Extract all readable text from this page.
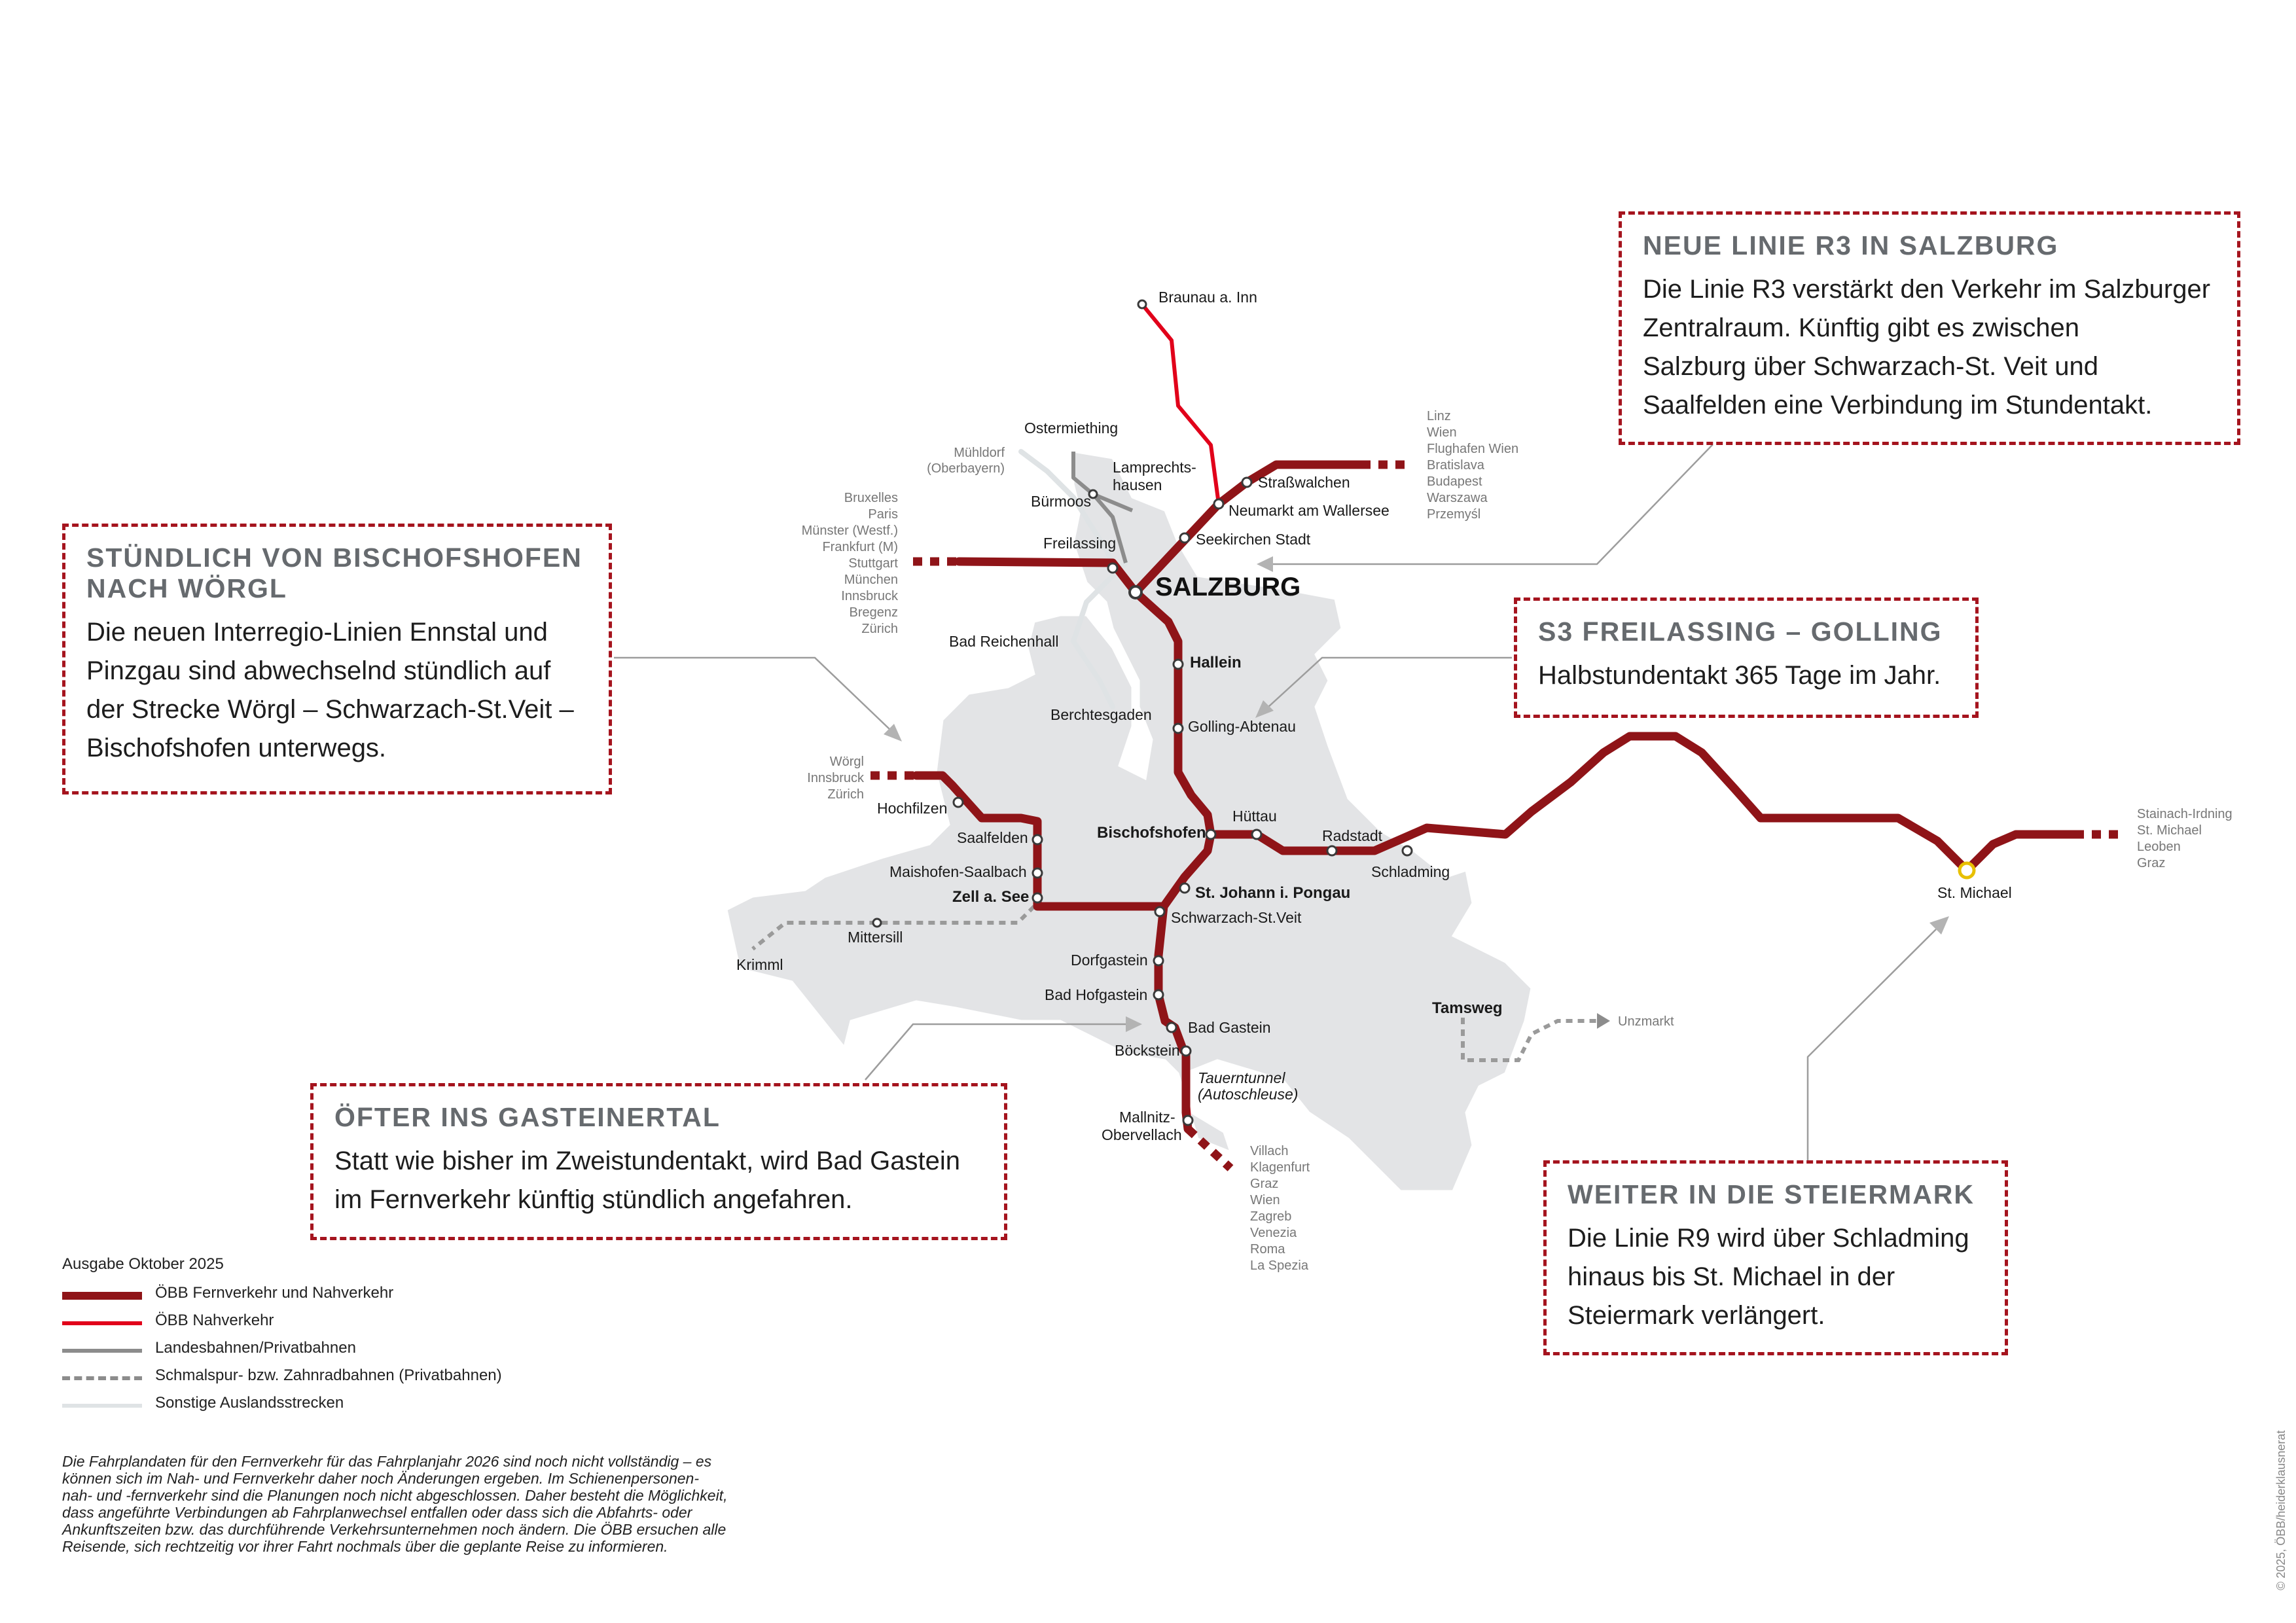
Braunau a. Inn
Ostermiething
Mühldorf
(Oberbayern)	Lamprechts-
hausen
Bürmoos
Straßwalchen
Neumarkt am Wallersee
Seekirchen Stadt
Freilassing
SALZBURG
Bad Reichenhall
Hallein
Berchtesgaden
Golling-Abtenau
Hochfilzen
Saalfelden
Maishofen-Saalbach
Zell a. See
Bischofshofen
Hüttau
Radstadt
Schladming
St. Johann i. Pongau
Schwarzach-St.Veit
Mittersill
Krimml	Dorfgastein
Bad Hofgastein
Bad Gastein
Böckstein
Tauerntunnel
(Autoschleuse)
Mallnitz-
Obervellach
Tamsweg
Unzmarkt
St. Michael
Linz
Wien
Flughafen Wien
Bratislava
Budapest
Warszawa
Przemyśl
Bruxelles
Paris
Münster (Westf.)
Frankfurt (M)
Stuttgart
München
Innsbruck
Bregenz
Zürich
Wörgl
Innsbruck
Zürich
Villach
Klagenfurt
Graz
Wien
Zagreb
Venezia
Roma
La Spezia
Stainach-Irdning
St. Michael
Leoben
Graz
NEUE LINIE R3 IN SALZBURG

Die Linie R3 verstärkt den Verkehr im Salzburger

Zentralraum. Künftig gibt es zwischen

Salzburg über Schwarzach-St. Veit und

Saalfelden eine Verbindung im Stundentakt.

STÜNDLICH VON BISCHOFSHOFEN
NACH WÖRGL

Die neuen Interregio-Linien Ennstal und

Pinzgau sind abwechselnd stündlich auf

der Strecke Wörgl – Schwarzach-St.Veit –

Bischofshofen unterwegs.

S3 FREILASSING – GOLLING

Halbstundentakt 365 Tage im Jahr.

ÖFTER INS GASTEINERTAL

Statt wie bisher im Zweistundentakt, wird Bad Gastein

im Fernverkehr künftig stündlich angefahren.	WEITER IN DIE STEIERMARK

Die Linie R9 wird über Schladming

hinaus bis St. Michael in der

Steiermark verlängert.

Ausgabe Oktober 2025
ÖBB Fernverkehr und Nahverkehr
ÖBB Nahverkehr
Landesbahnen/Privatbahnen
Schmalspur- bzw. Zahnradbahnen (Privatbahnen)
Sonstige Auslandsstrecken
Die Fahrplandaten für den Fernverkehr für das Fahrplanjahr 2026 sind noch nicht vollständig – es
können sich im Nah- und Fernverkehr daher noch Änderungen ergeben. Im Schienenpersonen-
nah- und -fernverkehr sind die Planungen noch nicht abgeschlossen. Daher besteht die Möglichkeit,
dass angeführte Verbindungen ab Fahrplanwechsel entfallen oder dass sich die Abfahrts- oder
Ankunftszeiten bzw. das durchführende Verkehrsunternehmen noch ändern. Die ÖBB ersuchen alle
Reisende, sich rechtzeitig vor ihrer Fahrt nochmals über die geplante Reise zu informieren.	© 2025, ÖBB/heiderklausnerat
